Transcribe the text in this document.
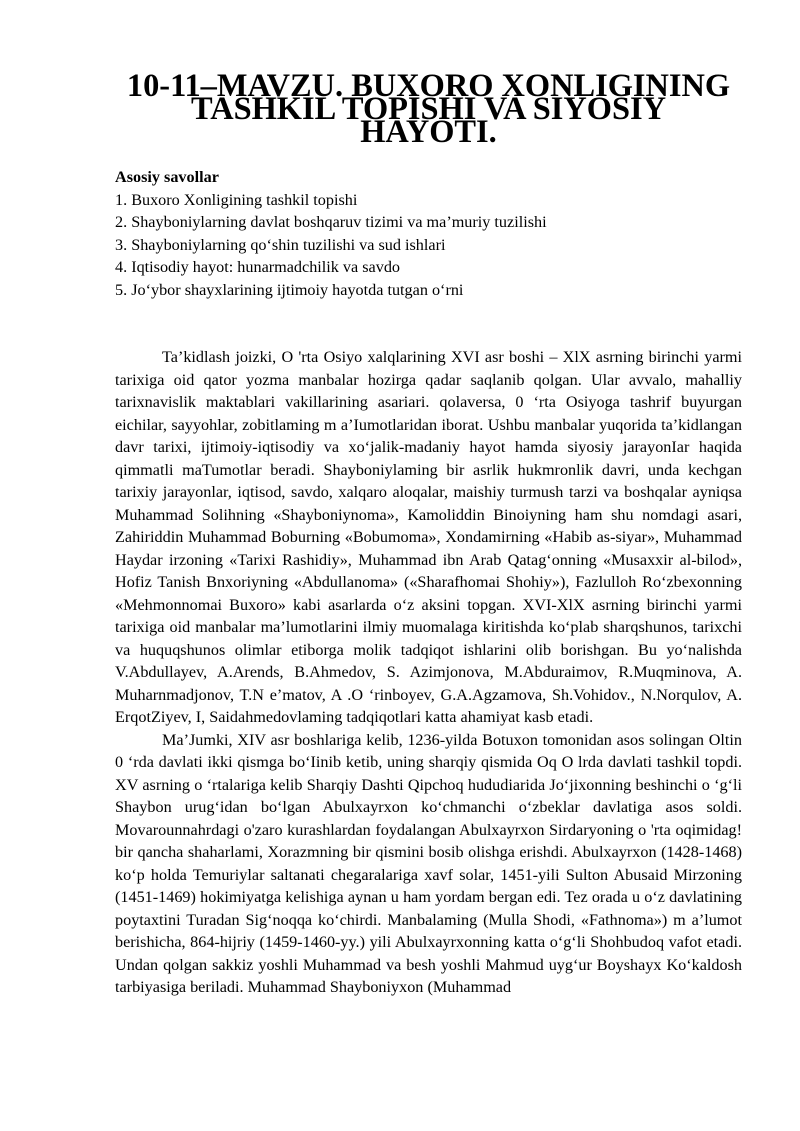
10-11–MAVZU. BUXORO XONLIGINING TASHKIL TOPISHI VA SIYOSIY HAYOTI.

Asosiy savollar

1. Buxoro Xonligining tashkil topishi
2. Shayboniylarning davlat boshqaruv tizimi va ma’muriy tuzilishi
3. Shayboniylarning qo‘shin tuzilishi va sud ishlari
4. Iqtisodiy hayot: hunarmadchilik va savdo
5. Jo‘ybor shayxlarining ijtimoiy hayotda tutgan o‘rni

Ta’kidlash joizki, O 'rta Osiyo xalqlarining XVI asr boshi – XlX asrning birinchi yarmi tarixiga oid qator yozma manbalar hozirga qadar saqlanib qolgan. Ular avvalo, mahalliy tarixnavislik maktablari vakillarining asariari. qolaversa, 0 ‘rta Osiyoga tashrif buyurgan eichilar, sayyohlar, zobitlaming m a’Iumotlaridan iborat. Ushbu manbalar yuqorida ta’kidlangan davr tarixi, ijtimoiy-iqtisodiy va xo‘jalik-madaniy hayot hamda siyosiy jarayonIar haqida qimmatli maTumotlar beradi. Shayboniylaming bir asrlik hukmronlik davri, unda kechgan tarixiy jarayonlar, iqtisod, savdo, xalqaro aloqalar, maishiy turmush tarzi va boshqalar ayniqsa Muhammad Solihning «Shayboniynoma», Kamoliddin Binoiyning ham shu nomdagi asari, Zahiriddin Muhammad Boburning «Bobumoma», Xondamirning «Habib as-siyar», Muhammad Haydar irzoning «Tarixi Rashidiy», Muhammad ibn Arab Qatag‘onning «Musaxxir al-bilod», Hofiz Tanish Bnxoriyning «Abdullanoma» («Sharafhomai Shohiy»), Fazlulloh Ro‘zbexonning «Mehmonnomai Buxoro» kabi asarlarda o‘z aksini topgan. XVI-XlX asrning birinchi yarmi tarixiga oid manbalar ma’lumotlarini ilmiy muomalaga kiritishda ko‘plab sharqshunos, tarixchi va huquqshunos olimlar etiborga molik tadqiqot ishlarini olib borishgan. Bu yo‘nalishda V.Abdullayev, A.Arends, B.Ahmedov, S. Azimjonova, M.Abduraimov, R.Muqminova, A. Muharnmadjonov, T.N e’matov, A .O ‘rinboyev, G.A.Agzamova, Sh.Vohidov., N.Norqulov, A. ErqotZiyev, I, Saidahmedovlaming tadqiqotlari katta ahamiyat kasb etadi.

Ma’Jumki, XIV asr boshlariga kelib, 1236-yilda Botuxon tomonidan asos solingan Oltin 0 ‘rda davlati ikki qismga bo‘Iinib ketib, uning sharqiy qismida Oq O lrda davlati tashkil topdi. XV asrning o ‘rtalariga kelib Sharqiy Dashti Qipchoq hududiarida Jo‘jixonning beshinchi o ‘g‘li Shaybon urug‘idan bo‘lgan Abulxayrxon ko‘chmanchi o‘zbeklar davlatiga asos soldi. Movarounnahrdagi o'zaro kurashlardan foydalangan Abulxayrxon Sirdaryoning o 'rta oqimidag! bir qancha shaharlami, Xorazmning bir qismini bosib olishga erishdi. Abulxayrxon (1428-1468) ko‘p holda Temuriylar saltanati chegaralariga xavf solar, 1451-yili Sulton Abusaid Mirzoning (1451-1469) hokimiyatga kelishiga aynan u ham yordam bergan edi. Tez orada u o‘z davlatining poytaxtini Turadan Sig‘noqqa ko‘chirdi. Manbalaming (Mulla Shodi, «Fathnoma») m a’lumot berishicha, 864-hijriy (1459-1460-yy.) yili Abulxayrxonning katta o‘g‘li Shohbudoq vafot etadi. Undan qolgan sakkiz yoshli Muhammad va besh yoshli Mahmud uyg‘ur Boyshayx Ko‘kaldosh tarbiyasiga beriladi. Muhammad Shayboniyxon (Muhammad
